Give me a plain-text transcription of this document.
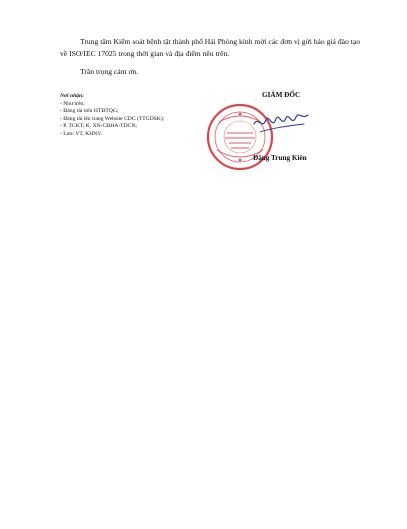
Trung tâm Kiểm soát bệnh tật thành phố Hải Phòng kính mời các đơn vị gửi báo giá đào tạo về ISO/IEC 17025 trong thời gian và địa điểm nêu trên.
Trân trọng cảm ơn.
Nơi nhận:
- Như trên;
- Đăng tải trên HTĐTQG;
- Đăng tải lên trang Website CDC (TTGDSK);
- P. TCKT; K. XN-CĐHA-TDCN;
- Lưu: VT, KHNV.
GIÁM ĐỐC
Đặng Trung Kiên
